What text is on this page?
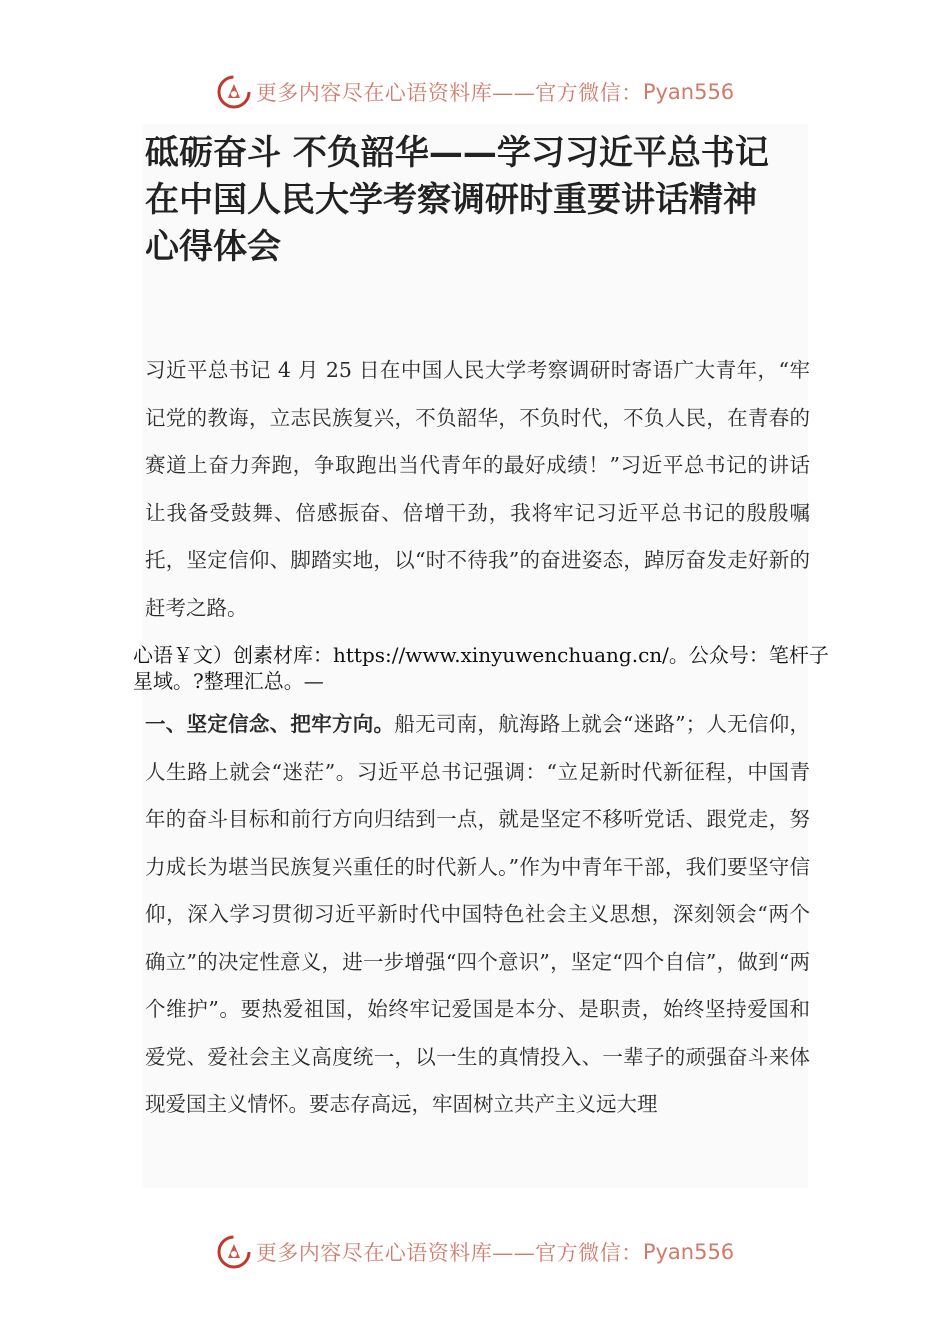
更多内容尽在心语资料库——官方微信： Pyan556
砥砺奋斗 不负韶华——学习习近平总书记在中国人民大学考察调研时重要讲话精神心得体会

习近平总书记 4 月 25 日在中国人民大学考察调研时寄语广大青年，“牢记党的教诲，立志民族复兴，不负韶华，不负时代，不负人民，在青春的赛道上奋力奔跑，争取跑出当代青年的最好成绩！”习近平总书记的讲话让我备受鼓舞、倍感振奋、倍增干劲，我将牢记习近平总书记的殷殷嘱托，坚定信仰、脚踏实地，以“时不待我”的奋进姿态，踔厉奋发走好新的赶考之路。

心语￥文）创素材库：https://www.xinyuwenchuang.cn/。公众号：笔杆子星域。?整理汇总。—

一、坚定信念、把牢方向。船无司南，航海路上就会“迷路”；人无信仰，人生路上就会“迷茫”。习近平总书记强调：“立足新时代新征程，中国青年的奋斗目标和前行方向归结到一点，就是坚定不移听党话、跟党走，努力成长为堪当民族复兴重任的时代新人。”作为中青年干部，我们要坚守信仰，深入学习贯彻习近平新时代中国特色社会主义思想，深刻领会“两个确立”的决定性意义，进一步增强“四个意识”，坚定“四个自信”，做到“两个维护”。要热爱祖国，始终牢记爱国是本分、是职责，始终坚持爱国和爱党、爱社会主义高度统一，以一生的真情投入、一辈子的顽强奋斗来体现爱国主义情怀。要志存高远，牢固树立共产主义远大理

更多内容尽在心语资料库——官方微信： Pyan556
